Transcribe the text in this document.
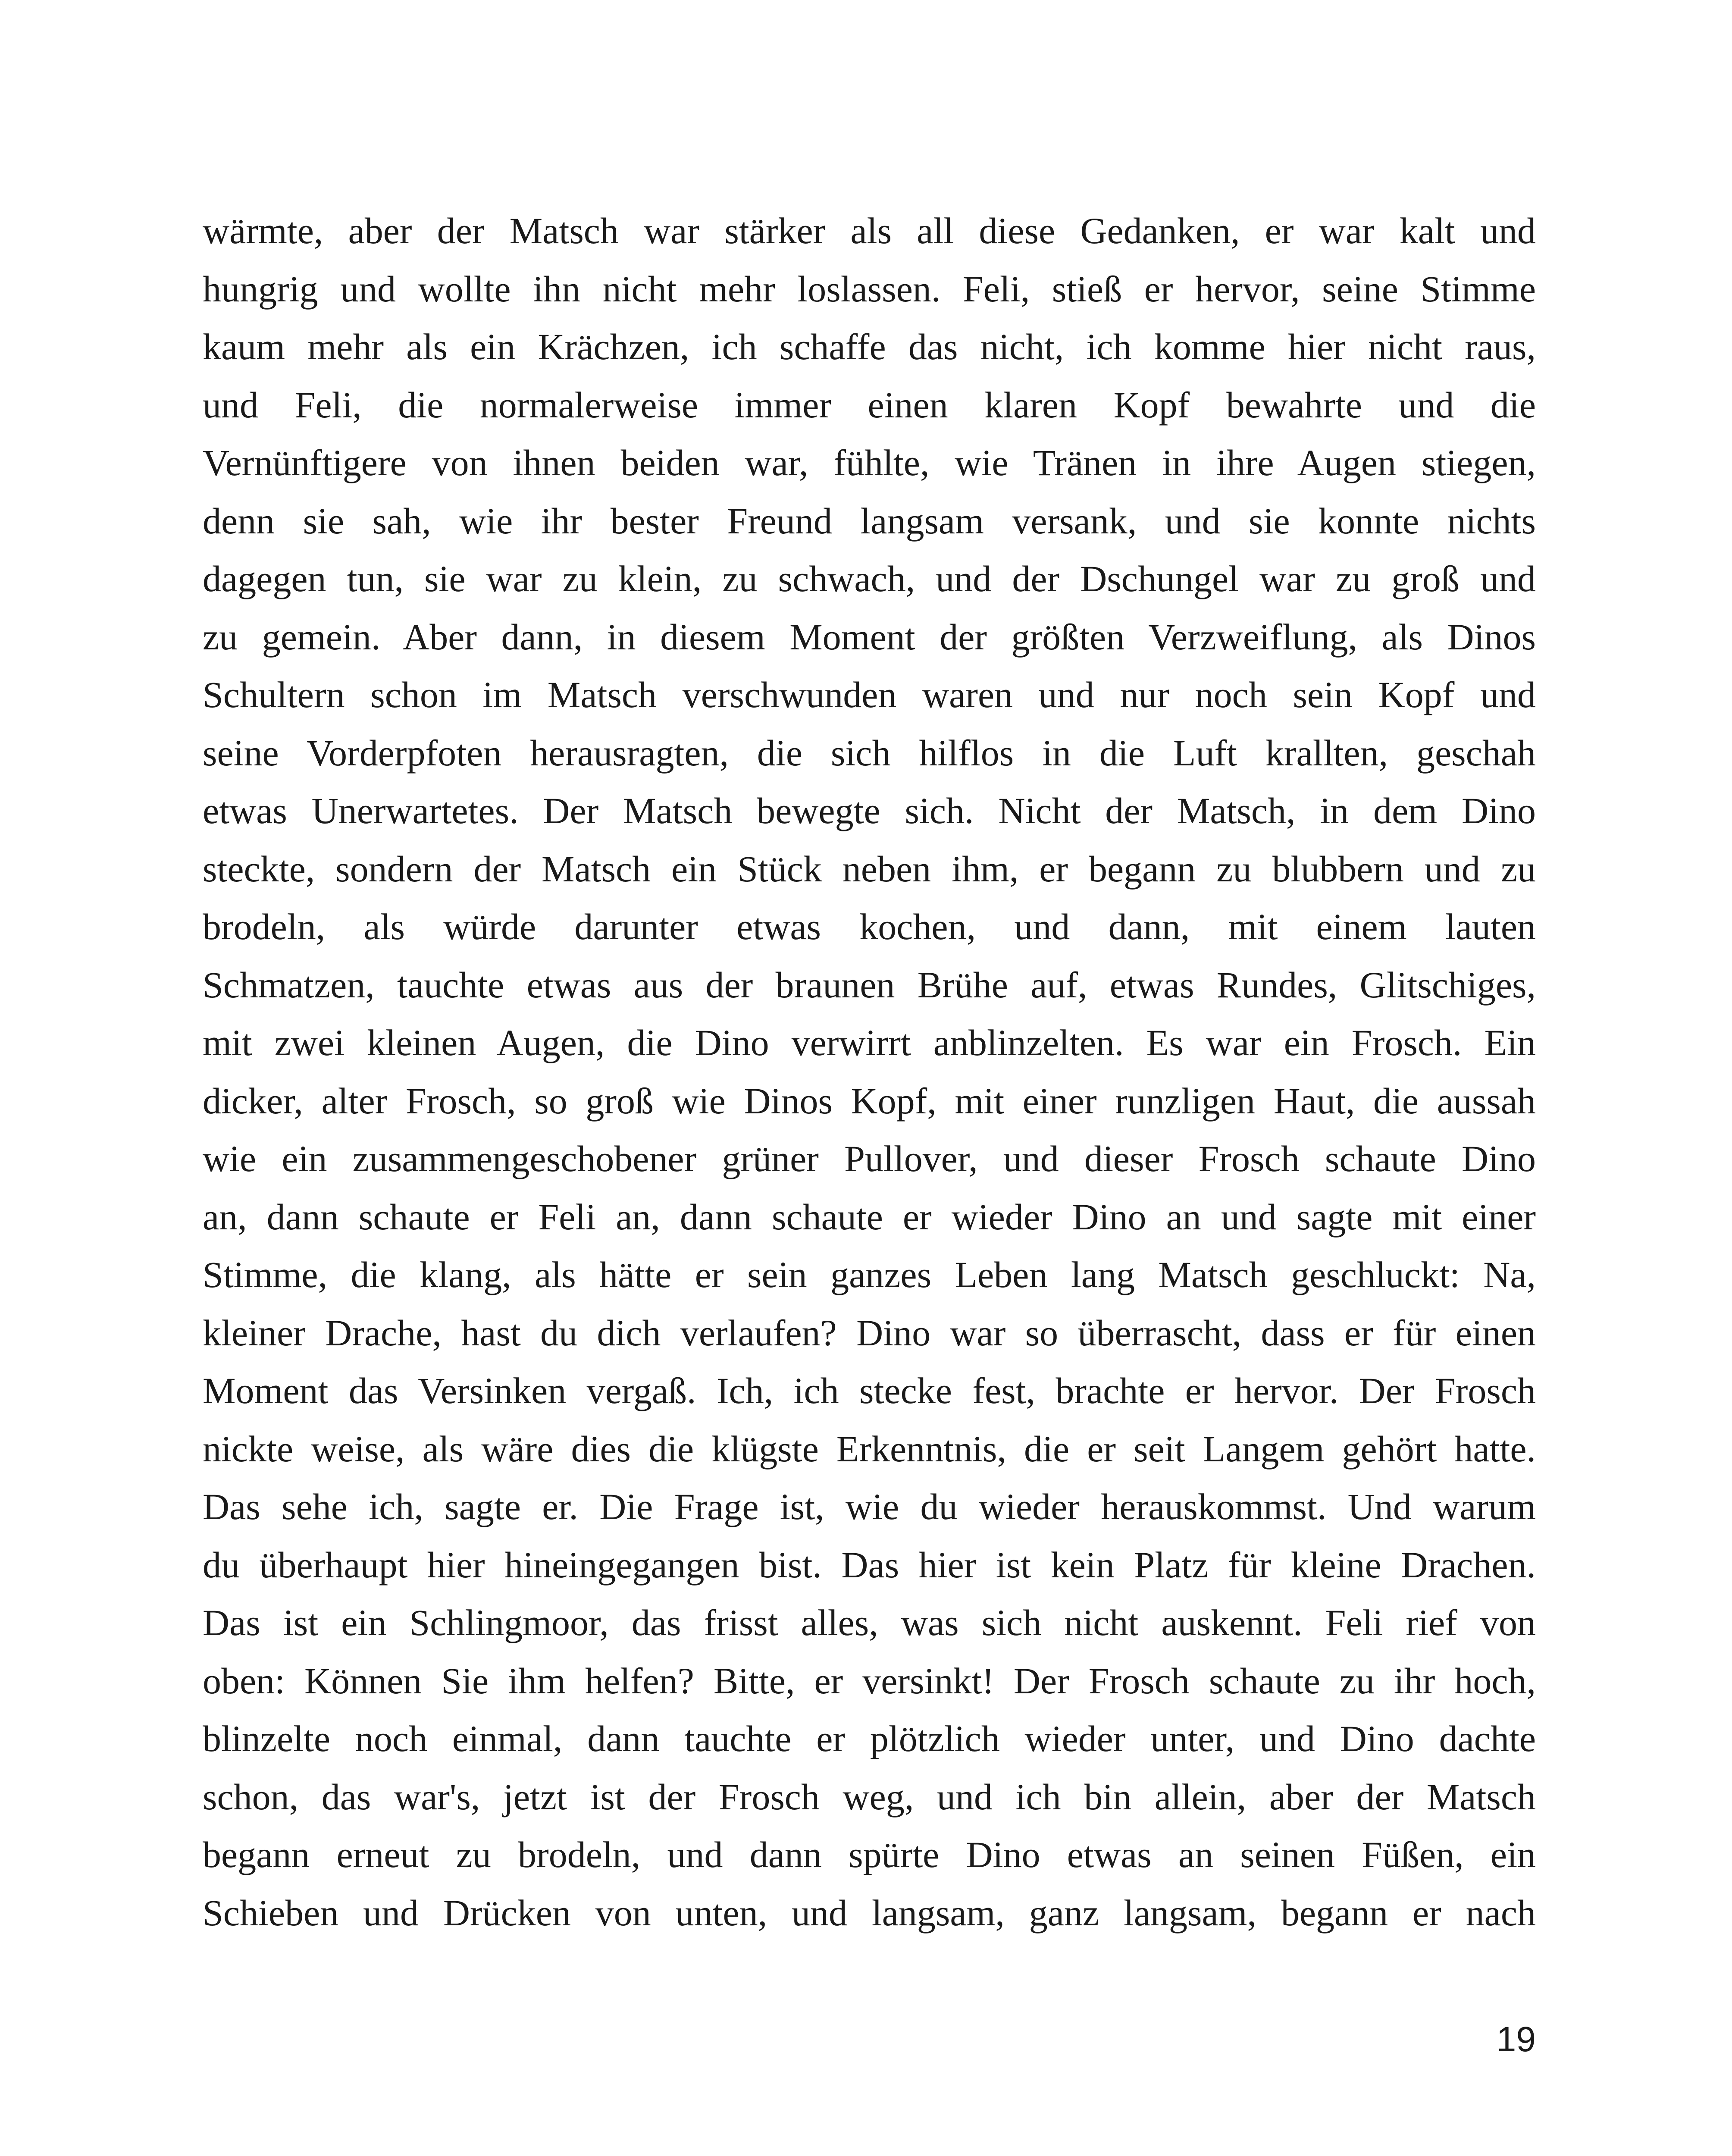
wärmte, aber der Matsch war stärker als all diese Gedanken, er war kalt und
hungrig und wollte ihn nicht mehr loslassen. Feli, stieß er hervor, seine Stimme
kaum mehr als ein Krächzen, ich schaffe das nicht, ich komme hier nicht raus,
und Feli, die normalerweise immer einen klaren Kopf bewahrte und die
Vernünftigere von ihnen beiden war, fühlte, wie Tränen in ihre Augen stiegen,
denn sie sah, wie ihr bester Freund langsam versank, und sie konnte nichts
dagegen tun, sie war zu klein, zu schwach, und der Dschungel war zu groß und
zu gemein. Aber dann, in diesem Moment der größten Verzweiflung, als Dinos
Schultern schon im Matsch verschwunden waren und nur noch sein Kopf und
seine Vorderpfoten herausragten, die sich hilflos in die Luft krallten, geschah
etwas Unerwartetes. Der Matsch bewegte sich. Nicht der Matsch, in dem Dino
steckte, sondern der Matsch ein Stück neben ihm, er begann zu blubbern und zu
brodeln, als würde darunter etwas kochen, und dann, mit einem lauten
Schmatzen, tauchte etwas aus der braunen Brühe auf, etwas Rundes, Glitschiges,
mit zwei kleinen Augen, die Dino verwirrt anblinzelten. Es war ein Frosch. Ein
dicker, alter Frosch, so groß wie Dinos Kopf, mit einer runzligen Haut, die aussah
wie ein zusammengeschobener grüner Pullover, und dieser Frosch schaute Dino
an, dann schaute er Feli an, dann schaute er wieder Dino an und sagte mit einer
Stimme, die klang, als hätte er sein ganzes Leben lang Matsch geschluckt: Na,
kleiner Drache, hast du dich verlaufen? Dino war so überrascht, dass er für einen
Moment das Versinken vergaß. Ich, ich stecke fest, brachte er hervor. Der Frosch
nickte weise, als wäre dies die klügste Erkenntnis, die er seit Langem gehört hatte.
Das sehe ich, sagte er. Die Frage ist, wie du wieder herauskommst. Und warum
du überhaupt hier hineingegangen bist. Das hier ist kein Platz für kleine Drachen.
Das ist ein Schlingmoor, das frisst alles, was sich nicht auskennt. Feli rief von
oben: Können Sie ihm helfen? Bitte, er versinkt! Der Frosch schaute zu ihr hoch,
blinzelte noch einmal, dann tauchte er plötzlich wieder unter, und Dino dachte
schon, das war's, jetzt ist der Frosch weg, und ich bin allein, aber der Matsch
begann erneut zu brodeln, und dann spürte Dino etwas an seinen Füßen, ein
Schieben und Drücken von unten, und langsam, ganz langsam, begann er nach

19
